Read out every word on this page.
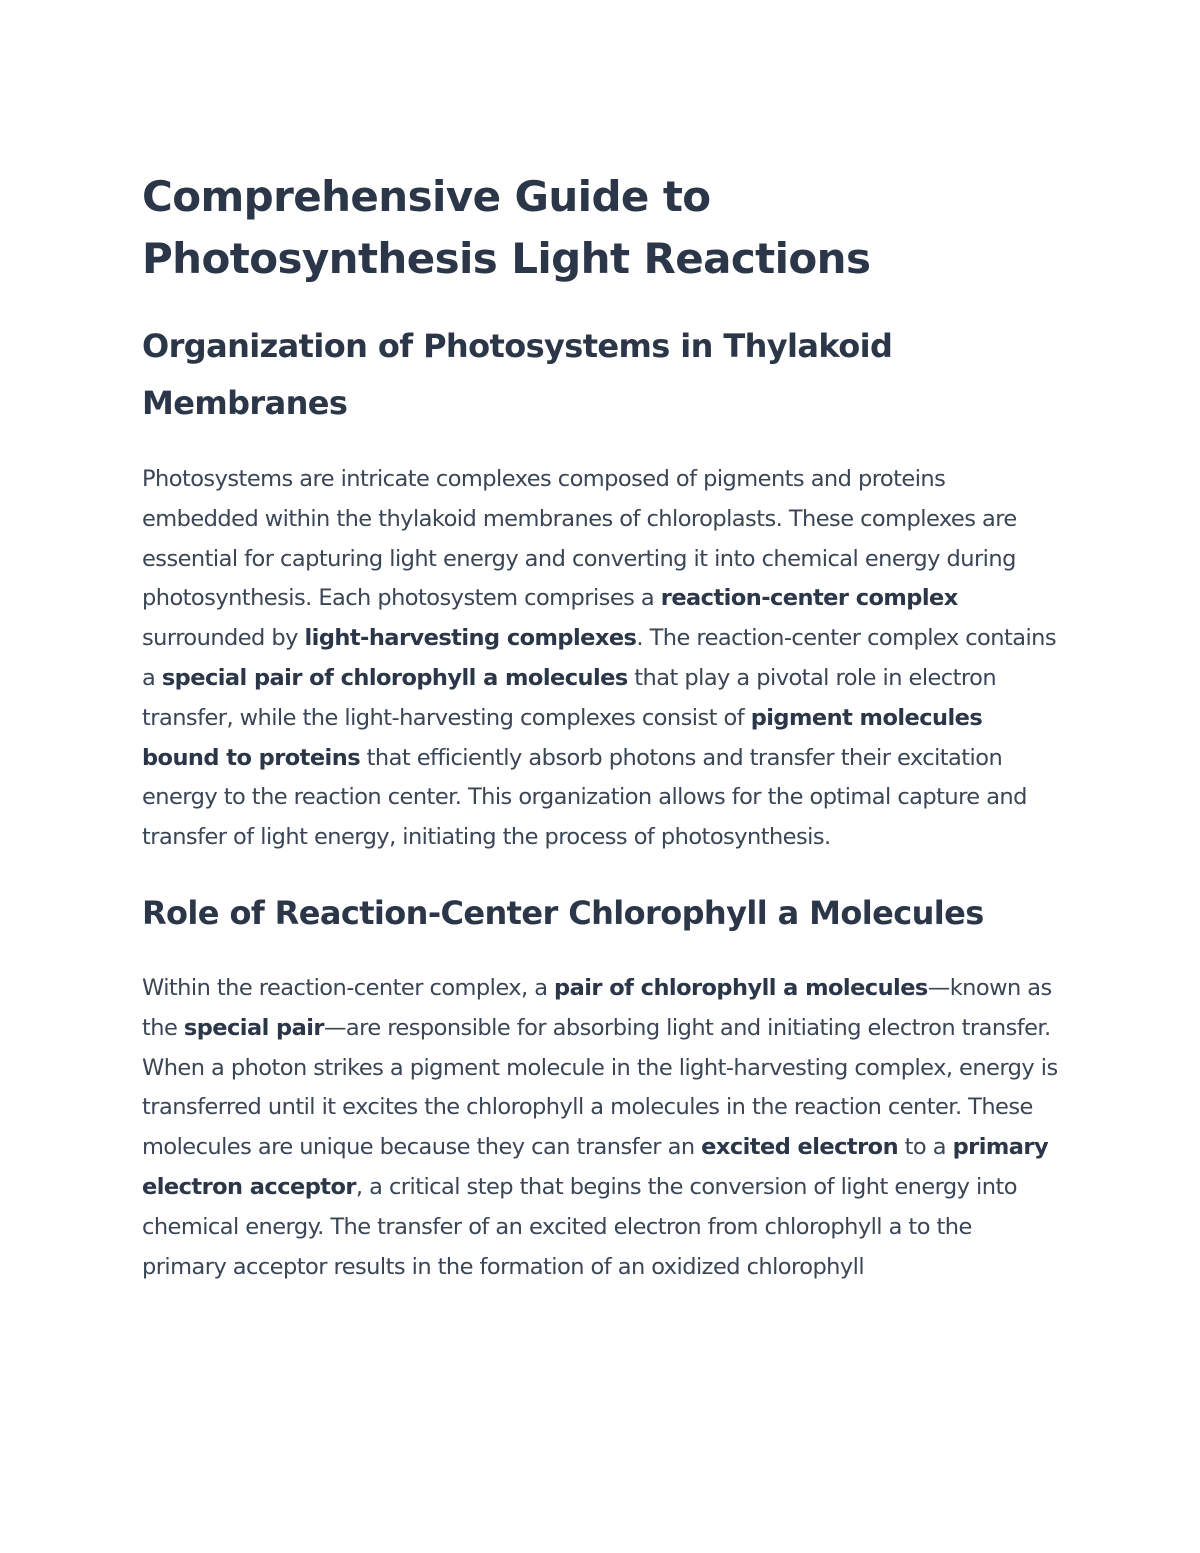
Comprehensive Guide to Photosynthesis Light Reactions
Organization of Photosystems in Thylakoid Membranes

Photosystems are intricate complexes composed of pigments and proteins embedded within the thylakoid membranes of chloroplasts. These complexes are essential for capturing light energy and converting it into chemical energy during photosynthesis. Each photosystem comprises a reaction-center complex surrounded by light-harvesting complexes. The reaction-center complex contains a special pair of chlorophyll a molecules that play a pivotal role in electron transfer, while the light-harvesting complexes consist of pigment molecules bound to proteins that efficiently absorb photons and transfer their excitation energy to the reaction center. This organization allows for the optimal capture and transfer of light energy, initiating the process of photosynthesis.

Role of Reaction-Center Chlorophyll a Molecules

Within the reaction-center complex, a pair of chlorophyll a molecules—known as the special pair—are responsible for absorbing light and initiating electron transfer. When a photon strikes a pigment molecule in the light-harvesting complex, energy is transferred until it excites the chlorophyll a molecules in the reaction center. These molecules are unique because they can transfer an excited electron to a primary electron acceptor, a critical step that begins the conversion of light energy into chemical energy. The transfer of an excited electron from chlorophyll a to the primary acceptor results in the formation of an oxidized chlorophyll
